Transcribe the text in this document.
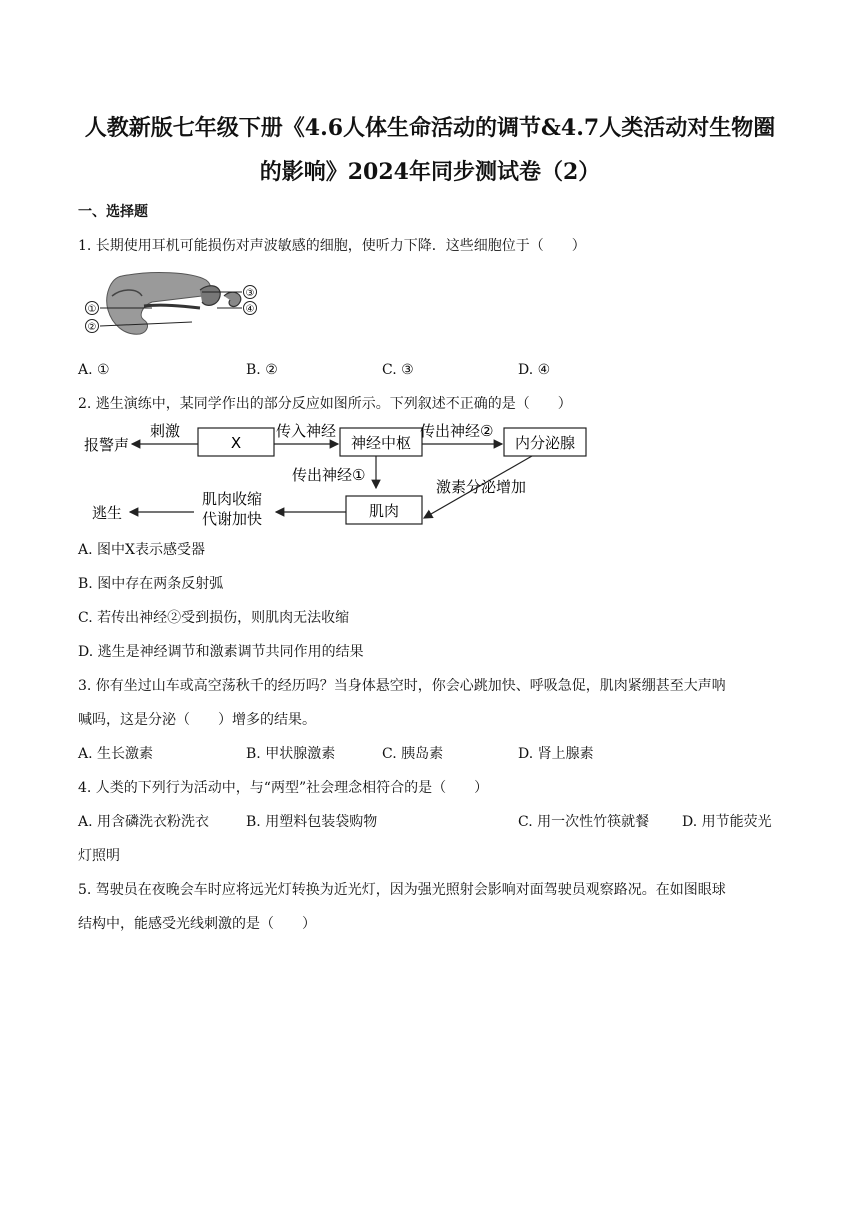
人教新版七年级下册《4.6人体生命活动的调节&4.7人类活动对生物圈
的影响》2024年同步测试卷（2）
一、选择题
1. 长期使用耳机可能损伤对声波敏感的细胞，使听力下降．这些细胞位于（　　）
①
②
③
④
A. ①	B. ②	C. ③	D. ④
2. 逃生演练中，某同学作出的部分反应如图所示。下列叙述不正确的是（　　）
报警声
刺激
X
传入神经
神经中枢
传出神经②
内分泌腺
传出神经①
激素分泌增加
肌肉
肌肉收缩
代谢加快
逃生
A. 图中X表示感受器
B. 图中存在两条反射弧
C. 若传出神经②受到损伤，则肌肉无法收缩
D. 逃生是神经调节和激素调节共同作用的结果
3. 你有坐过山车或高空荡秋千的经历吗？当身体悬空时，你会心跳加快、呼吸急促，肌肉紧绷甚至大声呐
喊吗，这是分泌（　　）增多的结果。
A. 生长激素	B. 甲状腺激素	C. 胰岛素	D. 肾上腺素
4. 人类的下列行为活动中，与“两型”社会理念相符合的是（　　）
A. 用含磷洗衣粉洗衣	B. 用塑料包装袋购物	C. 用一次性竹筷就餐 D. 用节能荧光
灯照明
5. 驾驶员在夜晚会车时应将远光灯转换为近光灯，因为强光照射会影响对面驾驶员观察路况。在如图眼球
结构中，能感受光线刺激的是（　　）
